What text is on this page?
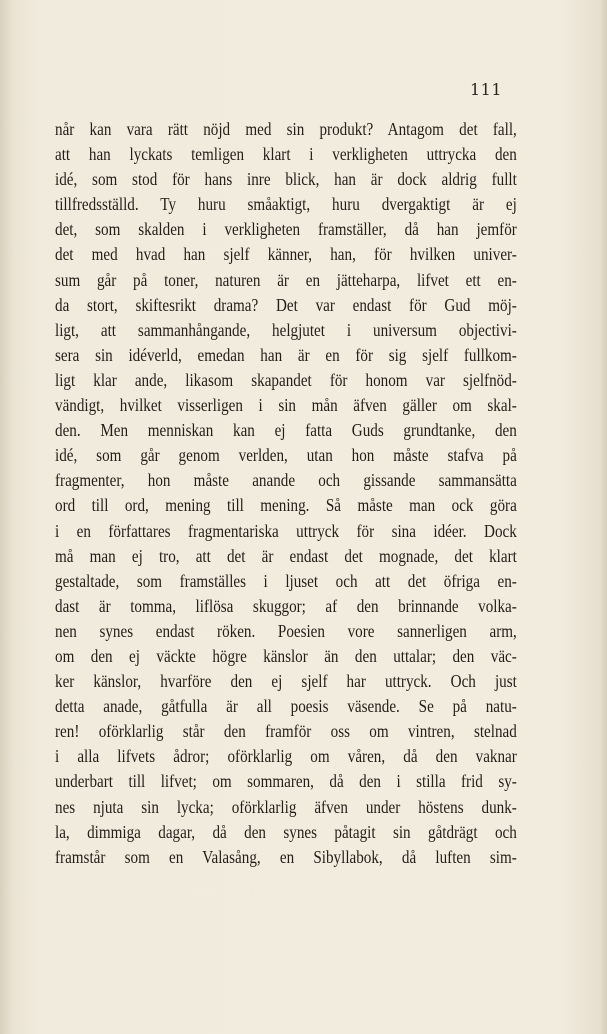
111
når kan vara rätt nöjd med sin produkt? Antagom det fall,
att han lyckats temligen klart i verkligheten uttrycka den
idé, som stod för hans inre blick, han är dock aldrig fullt
tillfredsställd. Ty huru småaktigt, huru dvergaktigt är ej
det, som skalden i verkligheten framställer, då han jemför
det med hvad han sjelf känner, han, för hvilken univer-
sum går på toner, naturen är en jätteharpa, lifvet ett en-
da stort, skiftesrikt drama? Det var endast för Gud möj-
ligt, att sammanhångande, helgjutet i universum objectivi-
sera sin idéverld, emedan han är en för sig sjelf fullkom-
ligt klar ande, likasom skapandet för honom var sjelfnöd-
vändigt, hvilket visserligen i sin mån äfven gäller om skal-
den. Men menniskan kan ej fatta Guds grundtanke, den
idé, som går genom verlden, utan hon måste stafva på
fragmenter, hon måste anande och gissande sammansätta
ord till ord, mening till mening. Så måste man ock göra
i en författares fragmentariska uttryck för sina idéer. Dock
må man ej tro, att det är endast det mognade, det klart
gestaltade, som framställes i ljuset och att det öfriga en-
dast är tomma, liflösa skuggor; af den brinnande volka-
nen synes endast röken. Poesien vore sannerligen arm,
om den ej väckte högre känslor än den uttalar; den väc-
ker känslor, hvarföre den ej sjelf har uttryck. Och just
detta anade, gåtfulla är all poesis väsende. Se på natu-
ren! oförklarlig står den framför oss om vintren, stelnad
i alla lifvets ådror; oförklarlig om våren, då den vaknar
underbart till lifvet; om sommaren, då den i stilla frid sy-
nes njuta sin lycka; oförklarlig äfven under höstens dunk-
la, dimmiga dagar, då den synes påtagit sin gåtdrägt och
framstår som en Valasång, en Sibyllabok, då luften sim-
